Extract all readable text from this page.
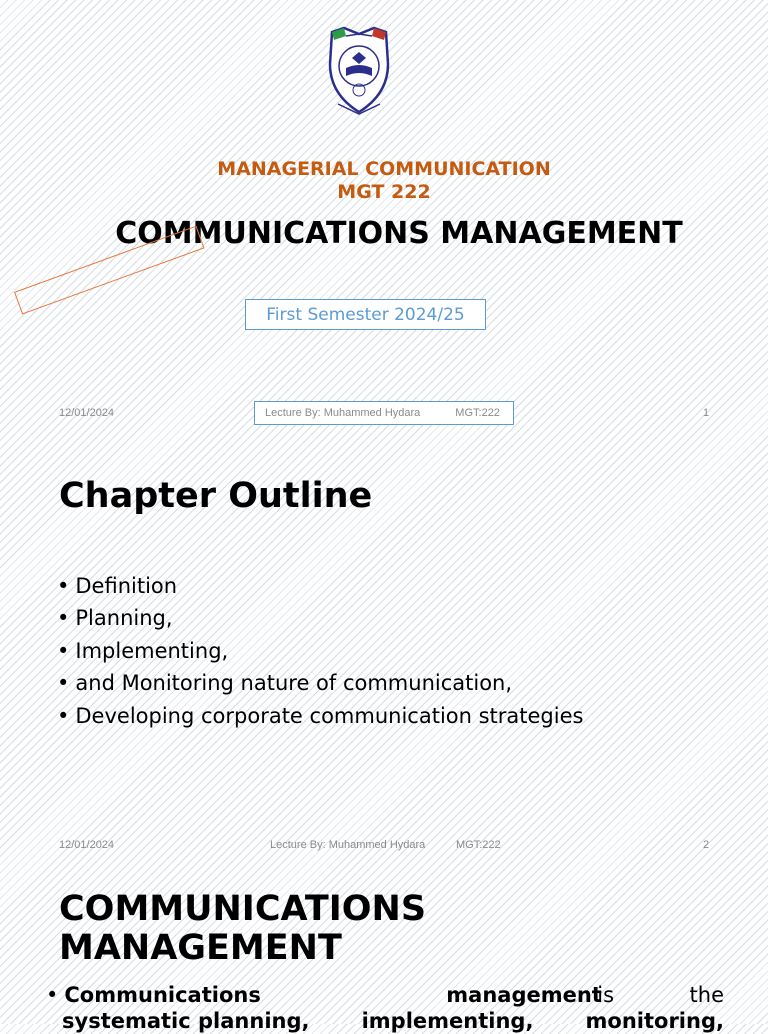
MANAGERIAL COMMUNICATION
MGT 222
COMMUNICATIONS MANAGEMENT
First Semester 2024/25
12/01/2024	Lecture By: Muhammed Hydara	MGT:222	1
Chapter Outline
• Definition
• Planning,
• Implementing,
• and Monitoring nature of communication,
• Developing corporate communication strategies
12/01/2024	Lecture By: Muhammed Hydara	MGT:222	2
COMMUNICATIONS
MANAGEMENT
• Communications	management
is	the
systematic planning, implementing, monitoring,
